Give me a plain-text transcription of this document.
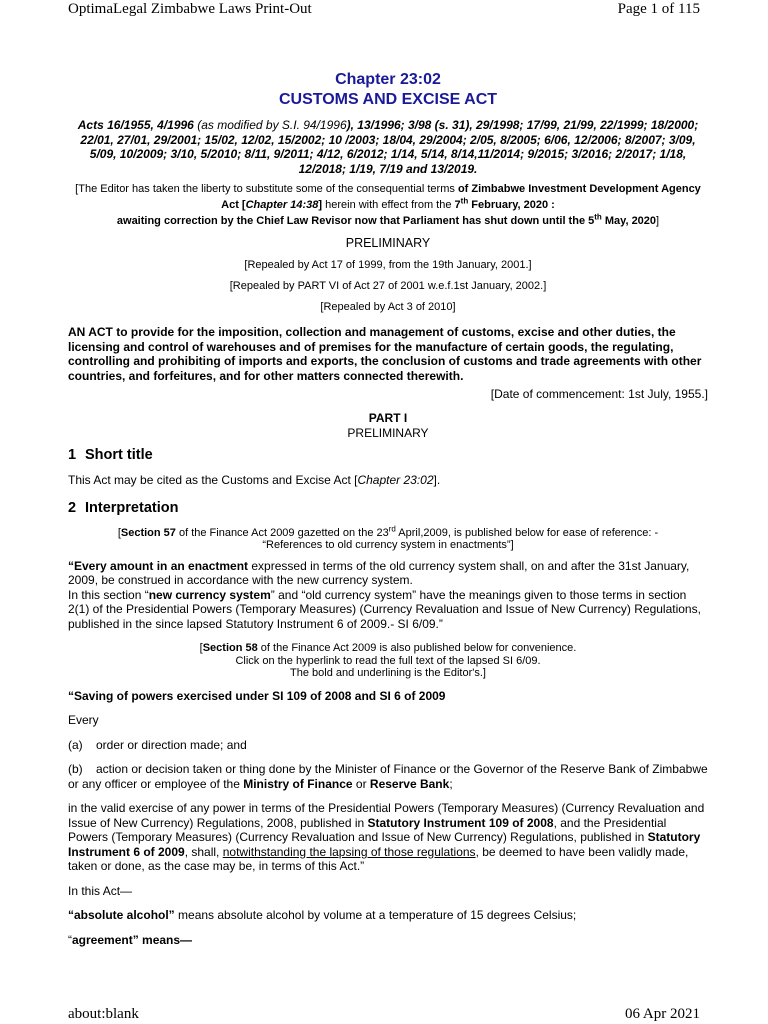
OptimaLegal Zimbabwe Laws Print-Out	Page 1 of 115
Chapter 23:02
CUSTOMS AND EXCISE ACT
Acts 16/1955, 4/1996 (as modified by S.I. 94/1996), 13/1996; 3/98 (s. 31), 29/1998; 17/99, 21/99, 22/1999; 18/2000; 22/01, 27/01, 29/2001; 15/02, 12/02, 15/2002; 10 /2003; 18/04, 29/2004; 2/05, 8/2005; 6/06, 12/2006; 8/2007; 3/09, 5/09, 10/2009; 3/10, 5/2010; 8/11, 9/2011; 4/12, 6/2012; 1/14, 5/14, 8/14,11/2014; 9/2015; 3/2016; 2/2017; 1/18, 12/2018; 1/19, 7/19 and 13/2019.
[The Editor has taken the liberty to substitute some of the consequential terms of Zimbabwe Investment Development Agency Act [Chapter 14:38] herein with effect from the 7th February, 2020 :
awaiting correction by the Chief Law Revisor now that Parliament has shut down until the 5th May, 2020]
PRELIMINARY
[Repealed by Act 17 of 1999, from the 19th January, 2001.]
[Repealed by PART VI of Act 27 of 2001 w.e.f.1st January, 2002.]
[Repealed by Act 3 of 2010]
AN ACT to provide for the imposition, collection and management of customs, excise and other duties, the licensing and control of warehouses and of premises for the manufacture of certain goods, the regulating, controlling and prohibiting of imports and exports, the conclusion of customs and trade agreements with other countries, and forfeitures, and for other matters connected therewith.
[Date of commencement: 1st July, 1955.]
PART I
PRELIMINARY
1 Short title
This Act may be cited as the Customs and Excise Act [Chapter 23:02].
2 Interpretation
[Section 57 of the Finance Act 2009 gazetted on the 23rd April,2009, is published below for ease of reference: -
“References to old currency system in enactments”]
“Every amount in an enactment expressed in terms of the old currency system shall, on and after the 31st January, 2009, be construed in accordance with the new currency system.
In this section “new currency system” and “old currency system” have the meanings given to those terms in section 2(1) of the Presidential Powers (Temporary Measures) (Currency Revaluation and Issue of New Currency) Regulations, published in the since lapsed Statutory Instrument 6 of 2009.- SI 6/09.”
[Section 58 of the Finance Act 2009 is also published below for convenience.
Click on the hyperlink to read the full text of the lapsed SI 6/09.
The bold and underlining is the Editor's.]
“Saving of powers exercised under SI 109 of 2008 and SI 6 of 2009
Every
(a) order or direction made; and
(b) action or decision taken or thing done by the Minister of Finance or the Governor of the Reserve Bank of Zimbabwe or any officer or employee of the Ministry of Finance or Reserve Bank;
in the valid exercise of any power in terms of the Presidential Powers (Temporary Measures) (Currency Revaluation and Issue of New Currency) Regulations, 2008, published in Statutory Instrument 109 of 2008, and the Presidential Powers (Temporary Measures) (Currency Revaluation and Issue of New Currency) Regulations, published in Statutory Instrument 6 of 2009, shall, notwithstanding the lapsing of those regulations, be deemed to have been validly made, taken or done, as the case may be, in terms of this Act.”
In this Act—
“absolute alcohol” means absolute alcohol by volume at a temperature of 15 degrees Celsius;
“agreement” means—
about:blank	06 Apr 2021
